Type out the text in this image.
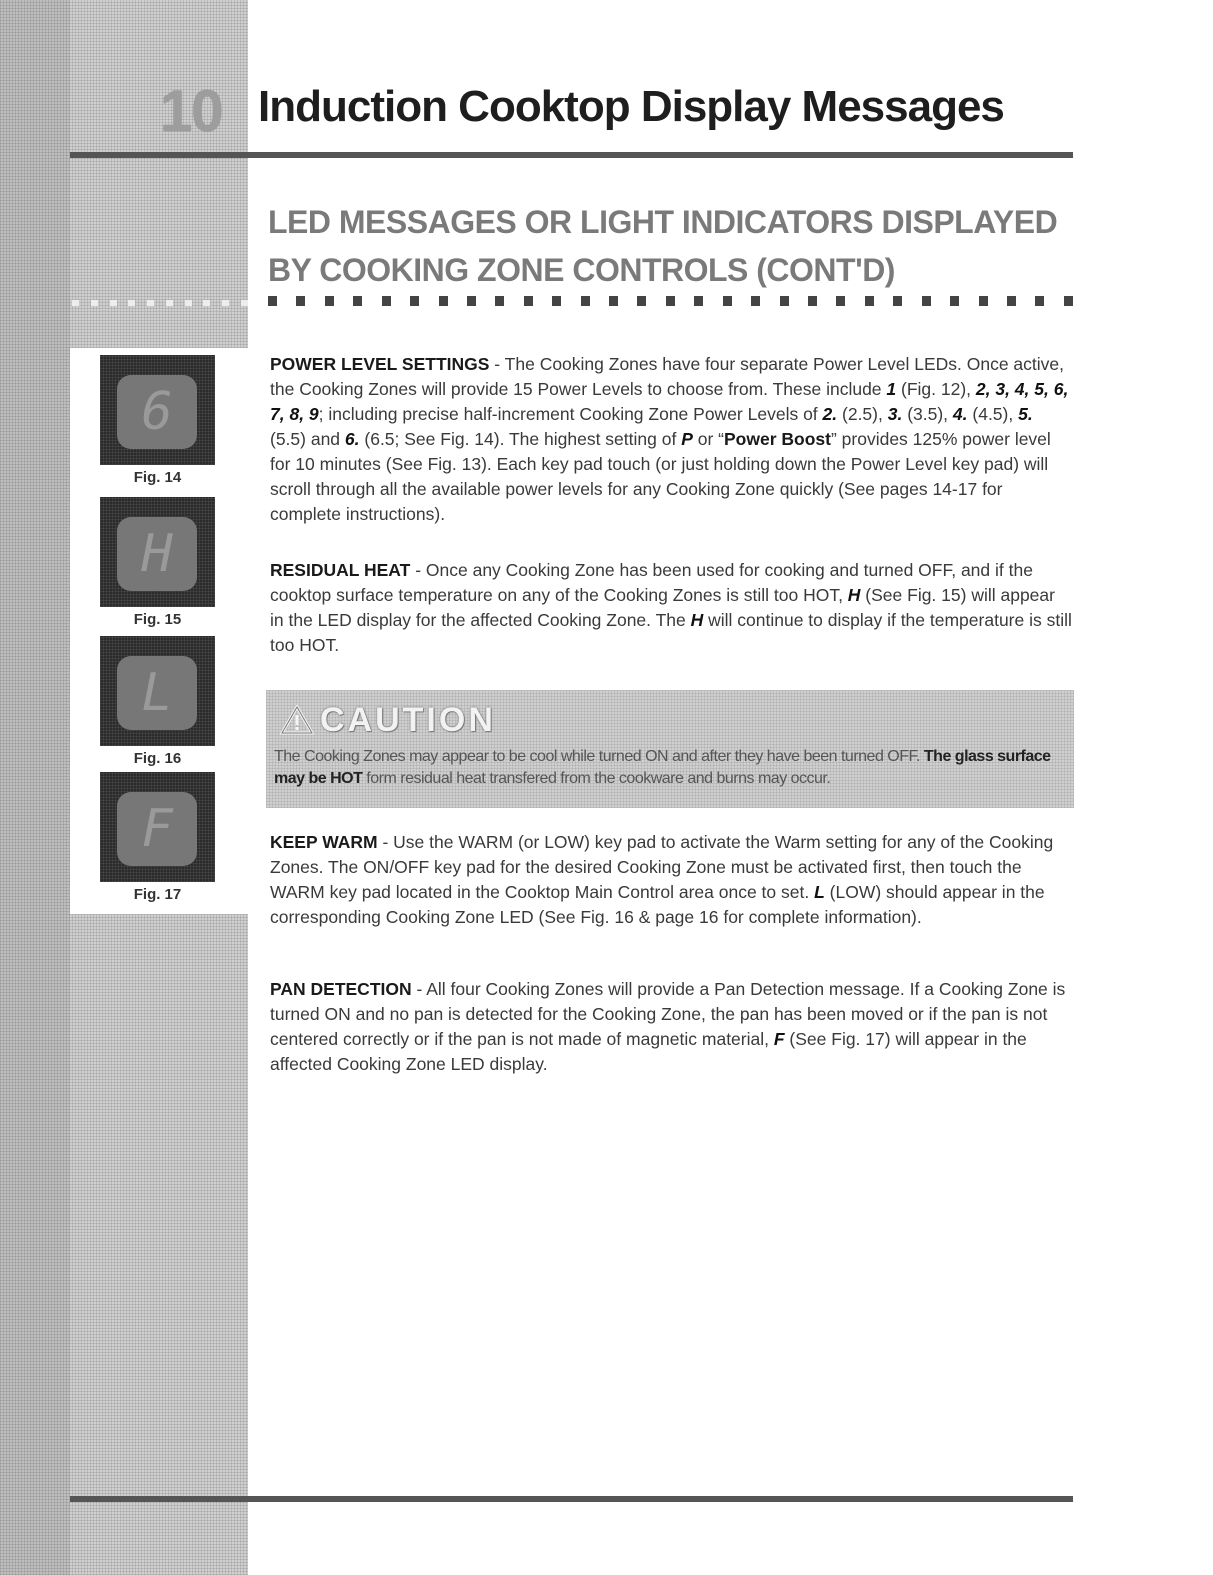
10 Induction Cooktop Display Messages
LED MESSAGES OR LIGHT INDICATORS DISPLAYED
BY COOKING ZONE CONTROLS (CONT'D)
6
Fig. 14
H
Fig. 15
L
Fig. 16
F
Fig. 17

POWER LEVEL SETTINGS - The Cooking Zones have four separate Power Level LEDs. Once active, the Cooking Zones will provide 15 Power Levels to choose from. These include 1 (Fig. 12), 2, 3, 4, 5, 6, 7, 8, 9; including precise half-increment Cooking Zone Power Levels of 2. (2.5), 3. (3.5), 4. (4.5), 5. (5.5) and 6. (6.5; See Fig. 14). The highest setting of P or “Power Boost” provides 125% power level for 10 minutes (See Fig. 13). Each key pad touch (or just holding down the Power Level key pad) will scroll through all the available power levels for any Cooking Zone quickly (See pages 14-17 for complete instructions).

RESIDUAL HEAT - Once any Cooking Zone has been used for cooking and turned OFF, and if the cooktop surface temperature on any of the Cooking Zones is still too HOT, H (See Fig. 15) will appear in the LED display for the affected Cooking Zone. The H will continue to display if the temperature is still too HOT.

CAUTION
The Cooking Zones may appear to be cool while turned ON and after they have been turned OFF. The glass surface may be HOT form residual heat transfered from the cookware and burns may occur.

KEEP WARM - Use the WARM (or LOW) key pad to activate the Warm setting for any of the Cooking Zones. The ON/OFF key pad for the desired Cooking Zone must be activated first, then touch the WARM key pad located in the Cooktop Main Control area once to set. L (LOW) should appear in the corresponding Cooking Zone LED (See Fig. 16 & page 16 for complete information).

PAN DETECTION - All four Cooking Zones will provide a Pan Detection message. If a Cooking Zone is turned ON and no pan is detected for the Cooking Zone, the pan has been moved or if the pan is not centered correctly or if the pan is not made of magnetic material, F (See Fig. 17) will appear in the affected Cooking Zone LED display.
